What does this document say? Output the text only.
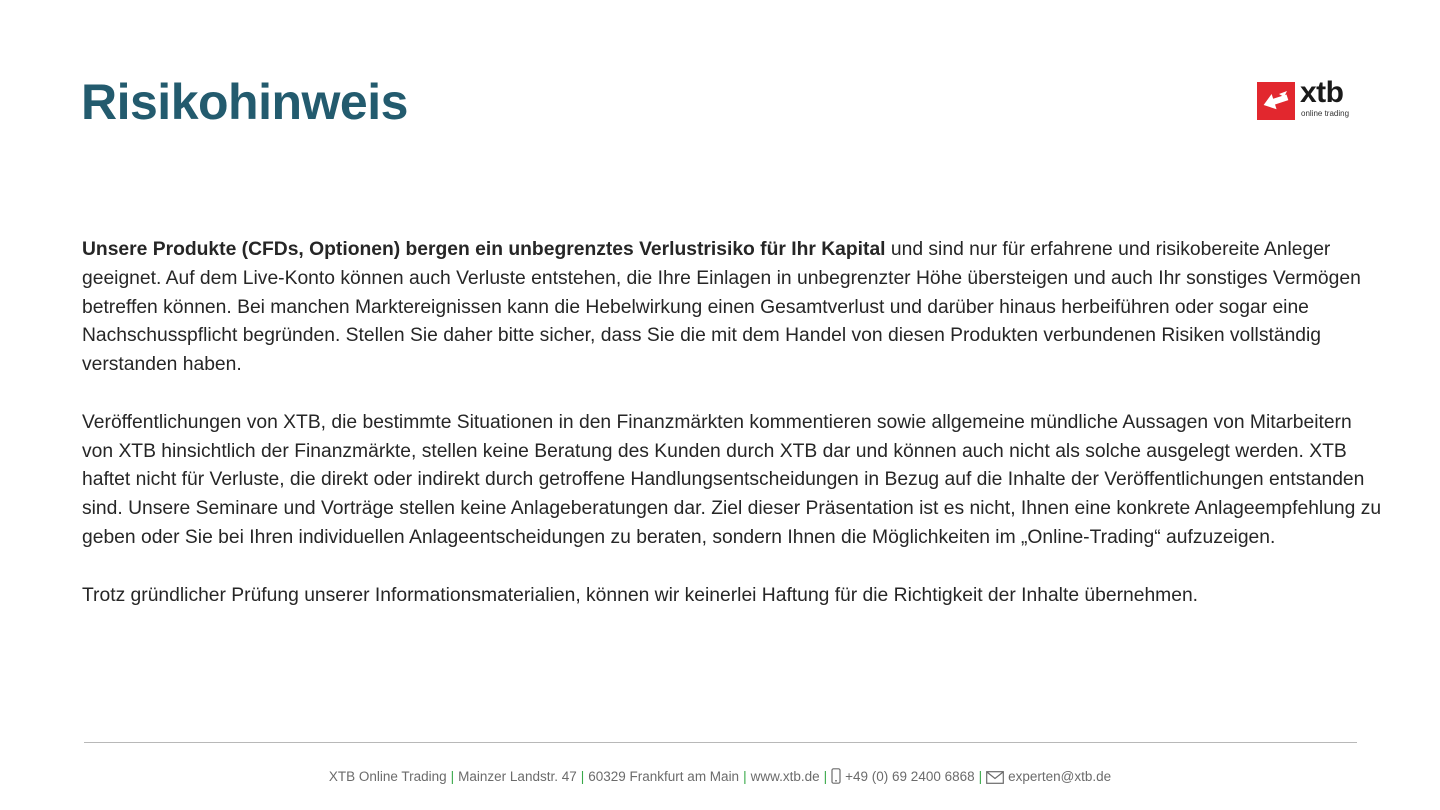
Risikohinweis	xtb
online trading

Unsere Produkte (CFDs, Optionen) bergen ein unbegrenztes Verlustrisiko für Ihr Kapital und sind nur für erfahrene und risikobereite Anleger geeignet. Auf dem Live-Konto können auch Verluste entstehen, die Ihre Einlagen in unbegrenzter Höhe übersteigen und auch Ihr sonstiges Vermögen betreffen können. Bei manchen Marktereignissen kann die Hebelwirkung einen Gesamtverlust und darüber hinaus herbeiführen oder sogar eine Nachschusspflicht begründen. Stellen Sie daher bitte sicher, dass Sie die mit dem Handel von diesen Produkten verbundenen Risiken vollständig verstanden haben.

Veröffentlichungen von XTB, die bestimmte Situationen in den Finanzmärkten kommentieren sowie allgemeine mündliche Aussagen von Mitarbeitern von XTB hinsichtlich der Finanzmärkte, stellen keine Beratung des Kunden durch XTB dar und können auch nicht als solche ausgelegt werden. XTB haftet nicht für Verluste, die direkt oder indirekt durch getroffene Handlungsentscheidungen in Bezug auf die Inhalte der Veröffentlichungen entstanden sind. Unsere Seminare und Vorträge stellen keine Anlageberatungen dar. Ziel dieser Präsentation ist es nicht, Ihnen eine konkrete Anlageempfehlung zu geben oder Sie bei Ihren individuellen Anlageentscheidungen zu beraten, sondern Ihnen die Möglichkeiten im „Online-Trading“ aufzuzeigen.

Trotz gründlicher Prüfung unserer Informationsmaterialien, können wir keinerlei Haftung für die Richtigkeit der Inhalte übernehmen.

XTB Online Trading | Mainzer Landstr. 47 | 60329 Frankfurt am Main | www.xtb.de | +49 (0) 69 2400 6868 | experten@xtb.de
